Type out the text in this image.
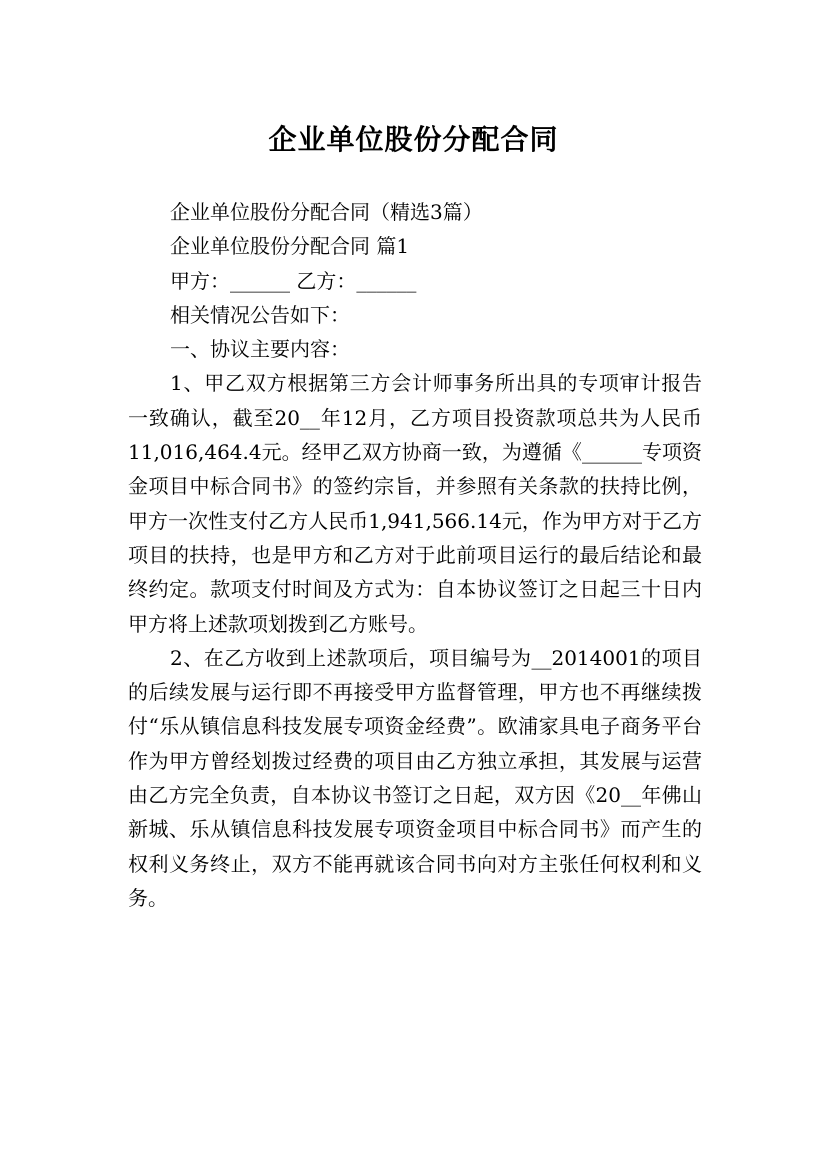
企业单位股份分配合同

企业单位股份分配合同（精选3篇）

企业单位股份分配合同 篇1

甲方：______ 乙方：______

相关情况公告如下：

一、协议主要内容：

1、甲乙双方根据第三方会计师事务所出具的专项审计报告一致确认，截至20__年12月，乙方项目投资款项总共为人民币11,016,464.4元。经甲乙双方协商一致，为遵循《______专项资金项目中标合同书》的签约宗旨，并参照有关条款的扶持比例，甲方一次性支付乙方人民币1,941,566.14元，作为甲方对于乙方项目的扶持，也是甲方和乙方对于此前项目运行的最后结论和最终约定。款项支付时间及方式为：自本协议签订之日起三十日内甲方将上述款项划拨到乙方账号。

2、在乙方收到上述款项后，项目编号为__2014001的项目的后续发展与运行即不再接受甲方监督管理，甲方也不再继续拨付“乐从镇信息科技发展专项资金经费”。欧浦家具电子商务平台作为甲方曾经划拨过经费的项目由乙方独立承担，其发展与运营由乙方完全负责，自本协议书签订之日起，双方因《20__年佛山新城、乐从镇信息科技发展专项资金项目中标合同书》而产生的权利义务终止，双方不能再就该合同书向对方主张任何权利和义务。
